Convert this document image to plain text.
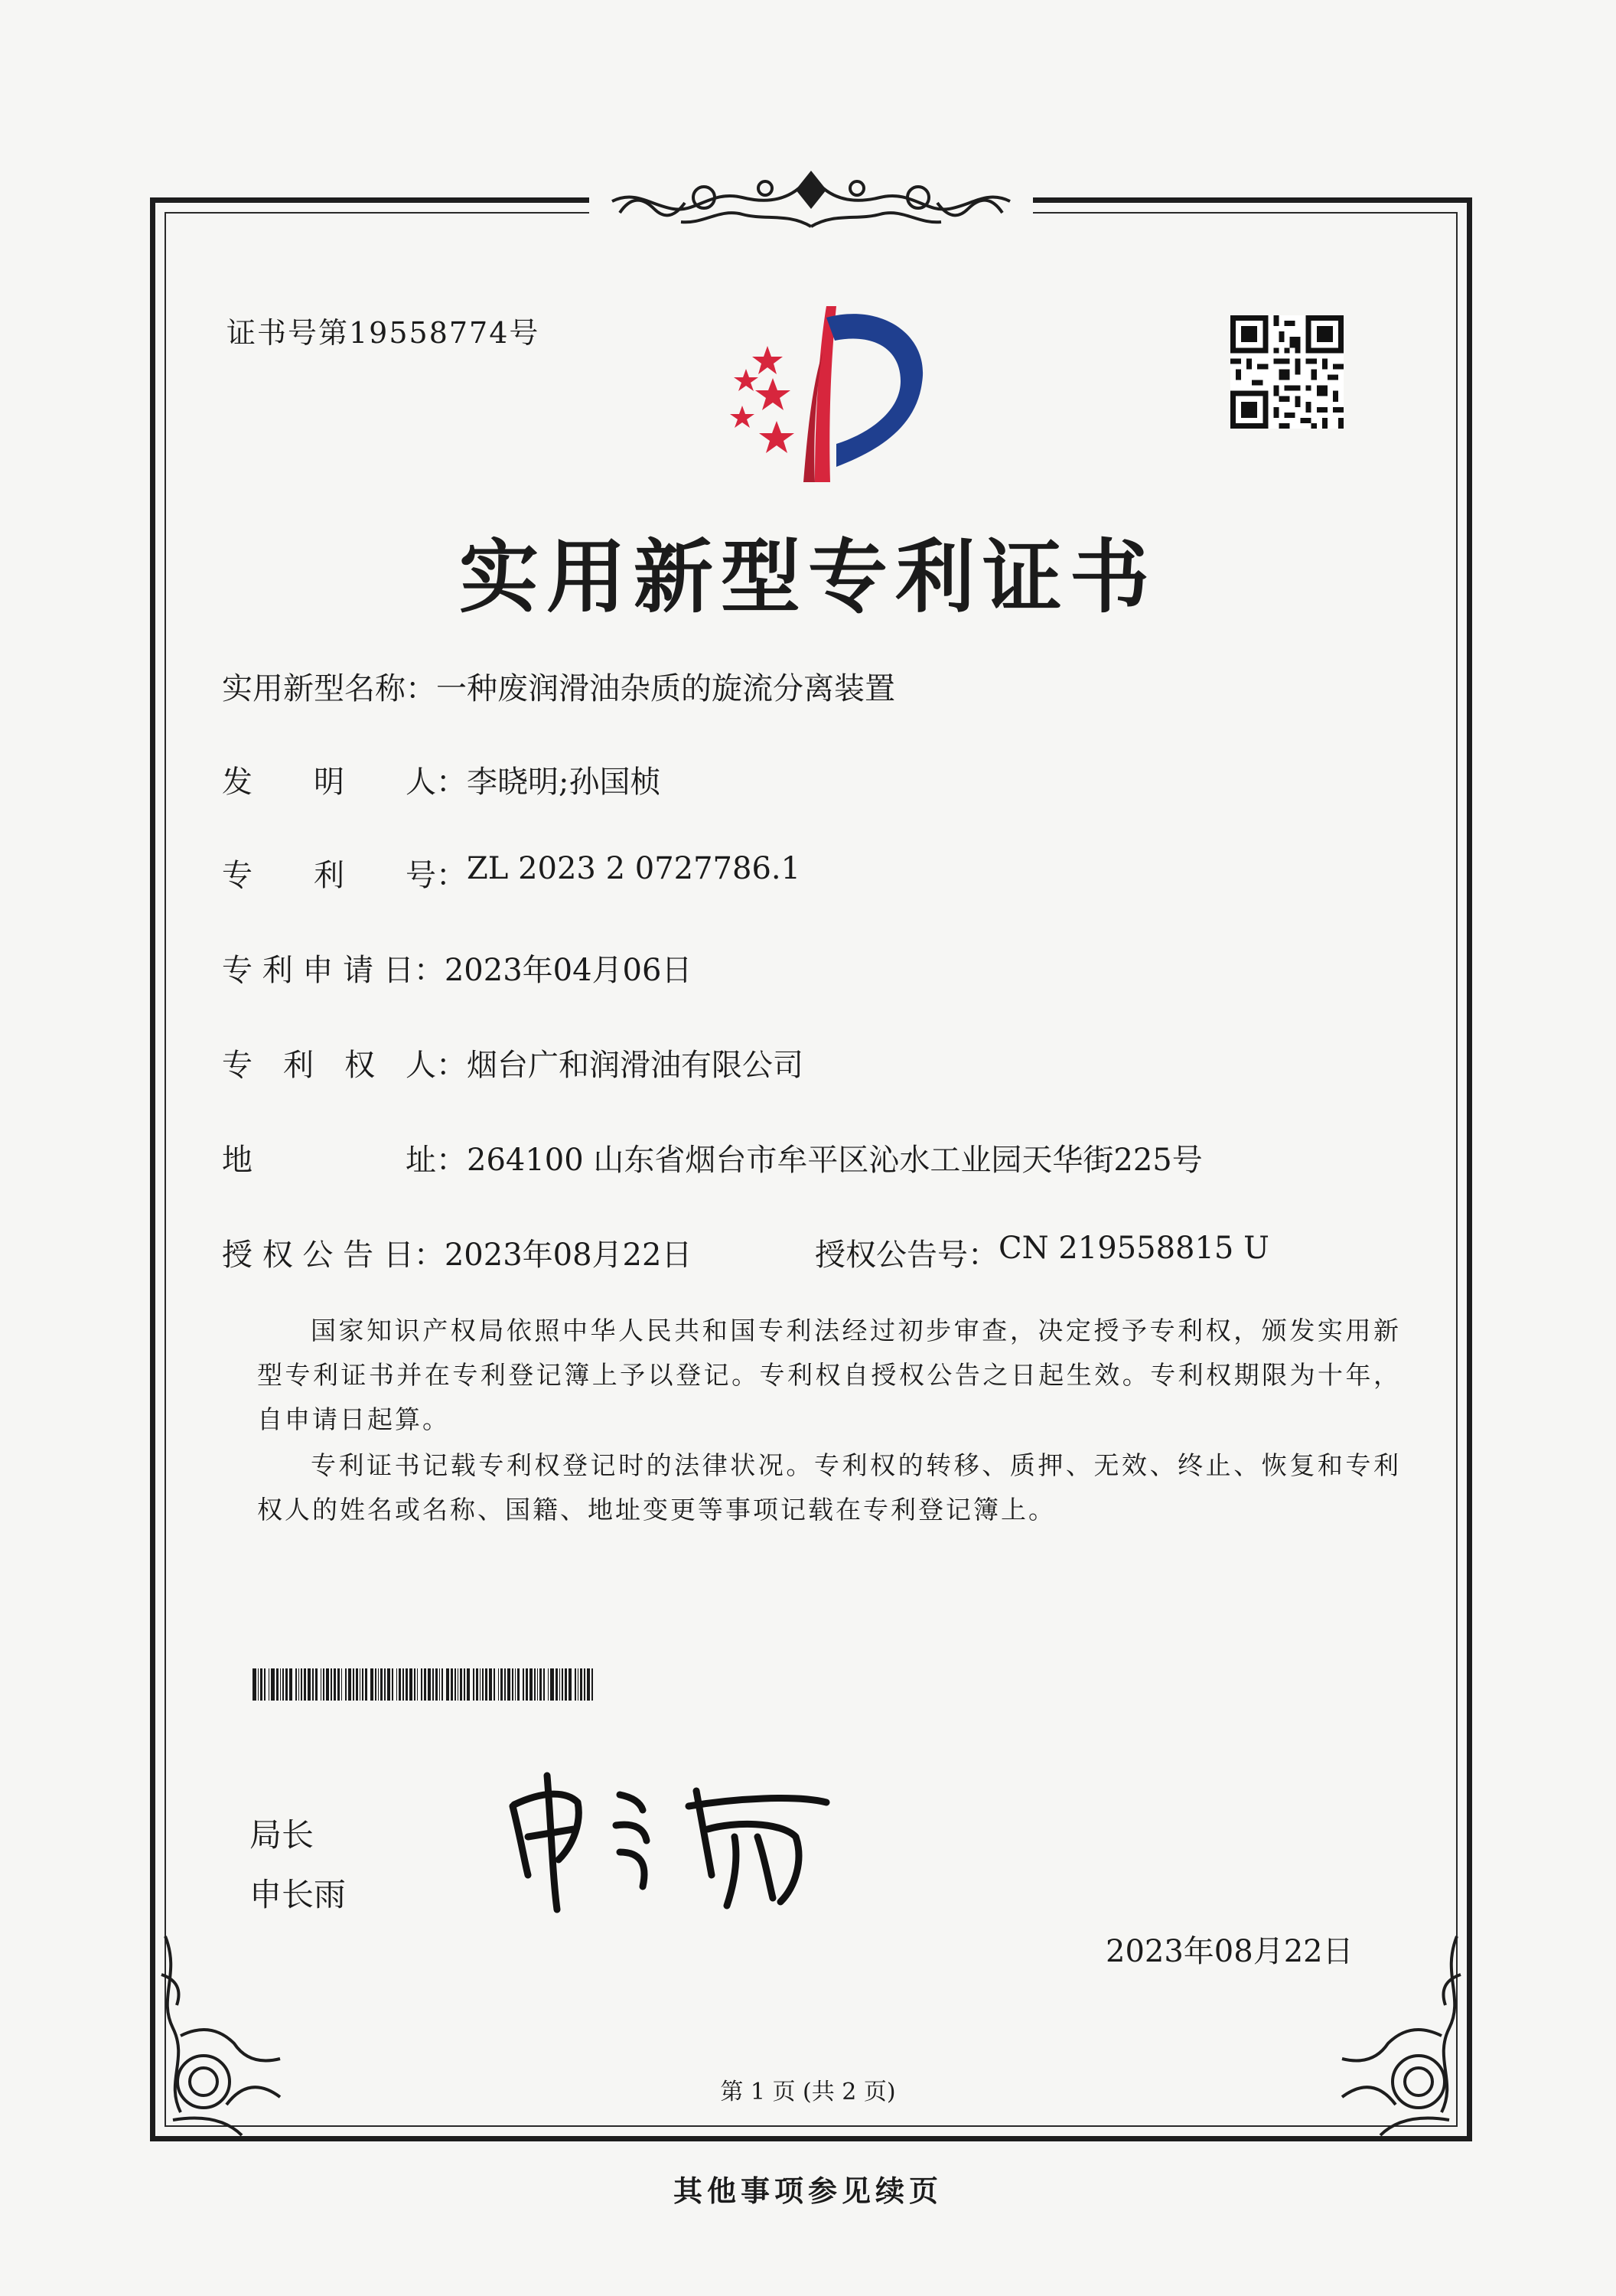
证书号第19558774号
实用新型专利证书
实用新型名称： 一种废润滑油杂质的旋流分离装置
发　　明　　人： 李晓明;孙国桢
专　　利　　号： ZL 2023 2 0727786.1
专 利 申 请 日： 2023年04月06日
专　利　权　人： 烟台广和润滑油有限公司
地　　　　　址： 264100 山东省烟台市牟平区沁水工业园天华街225号
授 权 公 告 日： 2023年08月22日	授权公告号： CN 219558815 U
国家知识产权局依照中华人民共和国专利法经过初步审查，决定授予专利权，颁发实用新型专利证书并在专利登记簿上予以登记。专利权自授权公告之日起生效。专利权期限为十年，自申请日起算。
专利证书记载专利权登记时的法律状况。专利权的转移、质押、无效、终止、恢复和专利权人的姓名或名称、国籍、地址变更等事项记载在专利登记簿上。
局长
申长雨
2023年08月22日
第 1 页 (共 2 页)
其他事项参见续页
